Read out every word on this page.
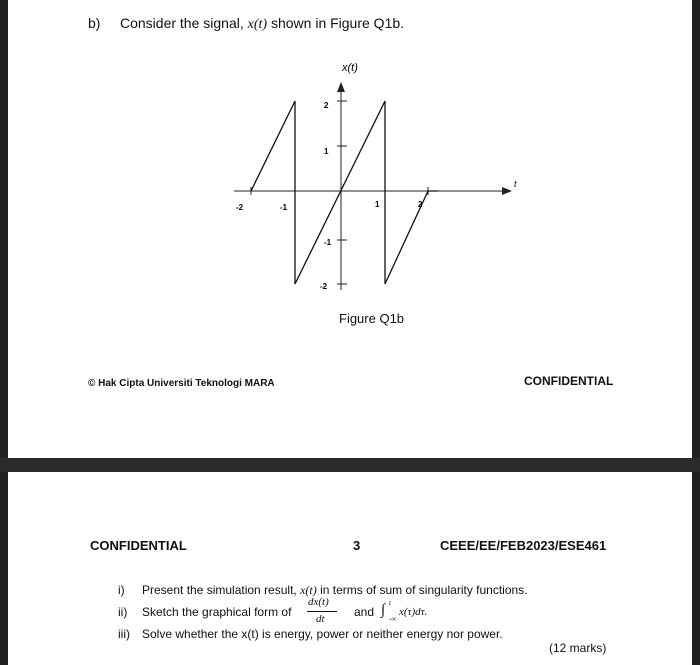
b) Consider the signal, x(t) shown in Figure Q1b.
x(t)
t
-2	-1	1	2
2
1
-1
-2
Figure Q1b
© Hak Cipta Universiti Teknologi MARA	CONFIDENTIAL
CONFIDENTIAL	3	CEEE/EE/FEB2023/ESE461
i) Present the simulation result, x(t) in terms of sum of singularity functions.
ii) Sketch the graphical form of
dx(t)
dt and ∫ t
-∞
x(τ)dτ.
iii) Solve whether the x(t) is energy, power or neither energy nor power.
(12 marks)
